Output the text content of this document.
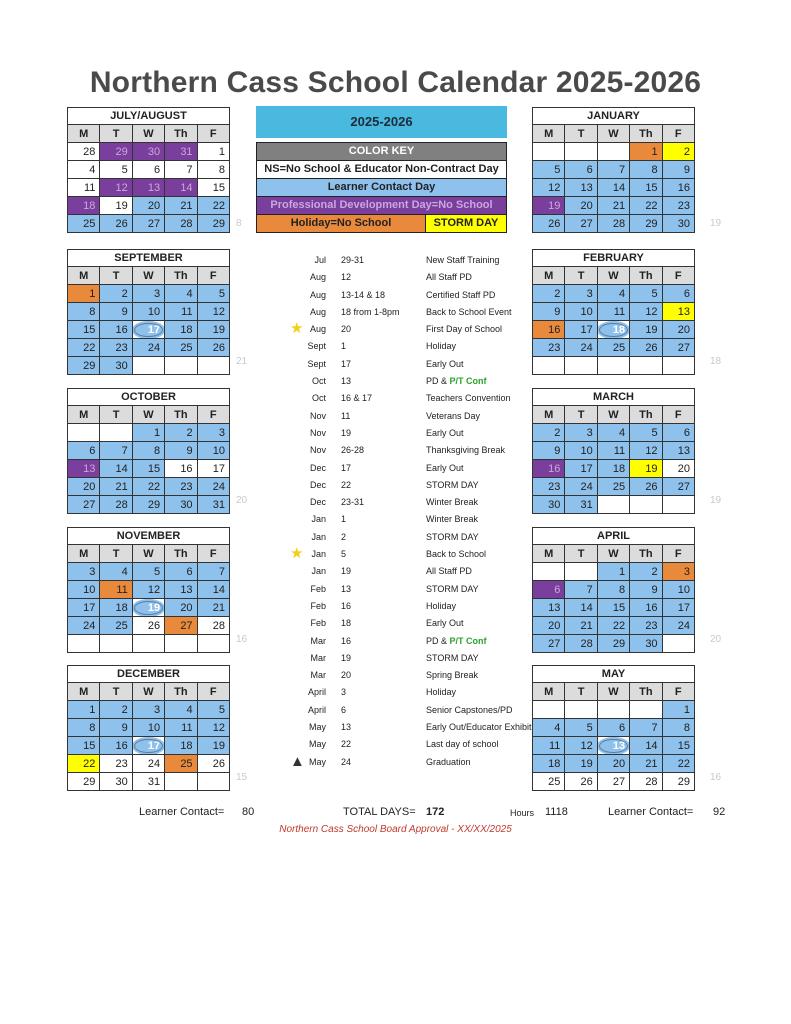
Northern Cass School Calendar 2025-2026
JULY/AUGUST
M	T	W	Th	F
28	29	30	31	1
4	5	6	7	8
11	12	13	14	15
18	19	20	21	22
25	26	27	28	29 8
SEPTEMBER
M	T	W	Th	F
1	2	3	4	5
8	9	10	11	12
15	16	17	18	19
22	23	24	25	26
29	30				21
OCTOBER
M	T	W	Th	F
		1	2	3
6	7	8	9	10
13	14	15	16	17
20	21	22	23	24
27	28	29	30	31 20
NOVEMBER
M	T	W	Th	F
3	4	5	6	7
10	11	12	13	14
17	18	19	20	21
24	25	26	27	28

16
DECEMBER
M	T	W	Th	F
1	2	3	4	5
8	9	10	11	12
15	16	17	18	19
22	23	24	25	26
29	30	31			15
JANUARY
M	T	W	Th	F
			1	2
5	6	7	8	9
12	13	14	15	16
19	20	21	22	23
26	27	28	29	30 19
FEBRUARY
M	T	W	Th	F
2	3	4	5	6
9	10	11	12	13
16	17	18	19	20
23	24	25	26	27

18
MARCH
M	T	W	Th	F
2	3	4	5	6
9	10	11	12	13
16	17	18	19	20
23	24	25	26	27
30	31				19
APRIL
M	T	W	Th	F
		1	2	3
6	7	8	9	10
13	14	15	16	17
20	21	22	23	24
27	28	29	30		20
MAY
M	T	W	Th	F
				1
4	5	6	7	8
11	12	13	14	15
18	19	20	21	22
25	26	27	28	29 16
2025-2026
COLOR KEY
NS=No School & Educator Non-Contract Day
Learner Contact Day
Professional Development Day=No School
Holiday=No School	STORM DAY
Jul 29-31	New Staff Training
Aug 12	All Staff PD
Aug 13-14 & 18	Certified Staff PD
Aug 18 from 1-8pm	Back to School Event
★ Aug 20	First Day of School
Sept 1	Holiday
Sept 17	Early Out
Oct 13	PD & P/T Conf
Oct 16 & 17	Teachers Convention
Nov 11	Veterans Day
Nov 19	Early Out
Nov 26-28	Thanksgiving Break
Dec 17	Early Out
Dec 22	STORM DAY
Dec 23-31	Winter Break
Jan 1	Winter Break
Jan 2	STORM DAY
★ Jan 5	Back to School
Jan 19	All Staff PD
Feb 13	STORM DAY
Feb 16	Holiday
Feb 18	Early Out
Mar 16	PD & P/T Conf
Mar 19	STORM DAY
Mar 20	Spring Break
April 3	Holiday
April 6	Senior Capstones/PD
May 13	Early Out/Educator Exhibit
May 22	Last day of school
▲ May 24	Graduation
Learner Contact= 80	TOTAL DAYS= 172	Hours 1118	Learner Contact= 92
Northern Cass School Board Approval - XX/XX/2025
